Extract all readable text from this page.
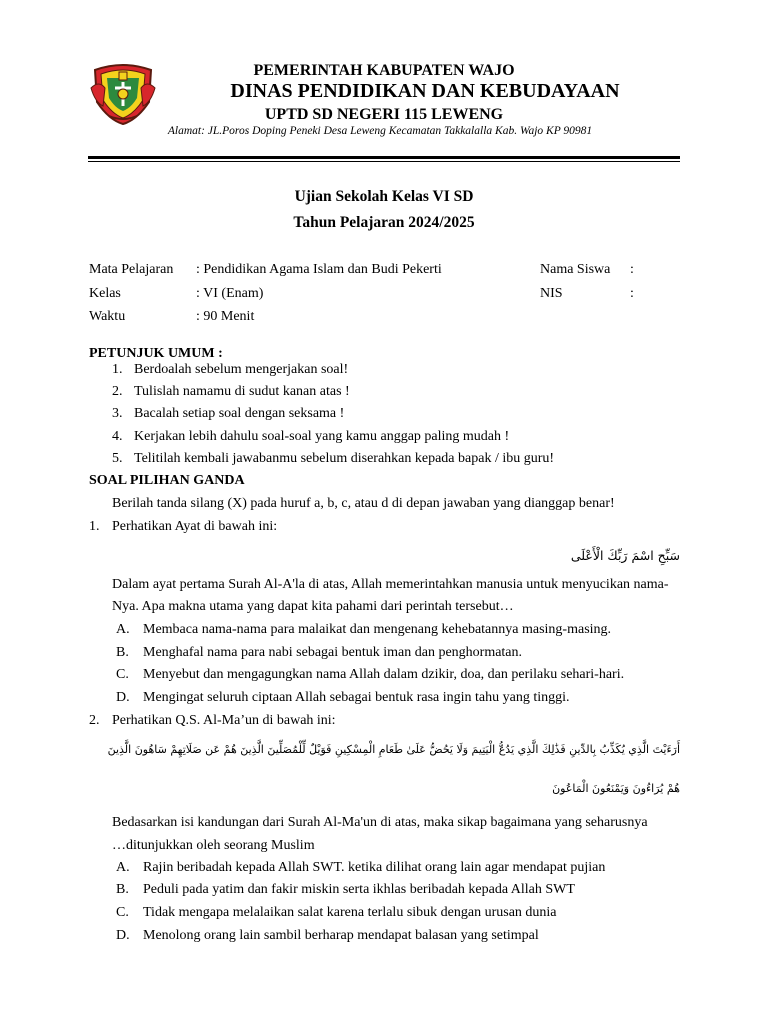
PEMERINTAH KABUPATEN WAJO
DINAS PENDIDIKAN DAN KEBUDAYAAN
UPTD SD NEGERI 115 LEWENG
Alamat: JL.Poros Doping Peneki Desa Leweng Kecamatan Takkalalla Kab. Wajo KP 90981
Ujian Sekolah Kelas VI SD
Tahun Pelajaran 2024/2025
Mata Pelajaran : Pendidikan Agama Islam dan Budi Pekerti	Nama Siswa :
Kelas	: VI (Enam)	NIS	:
Waktu	: 90 Menit
PETUNJUK UMUM :
1. Berdoalah sebelum mengerjakan soal!
2. Tulislah namamu di sudut kanan atas !
3. Bacalah setiap soal dengan seksama !
4. Kerjakan lebih dahulu soal-soal yang kamu anggap paling mudah !
5. Telitilah kembali jawabanmu sebelum diserahkan kepada bapak / ibu guru!
SOAL PILIHAN GANDA
Berilah tanda silang (X) pada huruf a, b, c, atau d di depan jawaban yang dianggap benar!
1. Perhatikan Ayat di bawah ini:
سَبِّحِ اسْمَ رَبِّكَ الْأَعْلَى
Dalam ayat pertama Surah Al-A'la di atas, Allah memerintahkan manusia untuk menyucikan nama-
Nya. Apa makna utama yang dapat kita pahami dari perintah tersebut…
A. Membaca nama-nama para malaikat dan mengenang kehebatannya masing-masing.
B. Menghafal nama para nabi sebagai bentuk iman dan penghormatan.
C. Menyebut dan mengagungkan nama Allah dalam dzikir, doa, dan perilaku sehari-hari.
D. Mengingat seluruh ciptaan Allah sebagai bentuk rasa ingin tahu yang tinggi.
2. Perhatikan Q.S. Al-Ma’un di bawah ini:
أَرَءَيْتَ الَّذِي يُكَذِّبُ بِالدِّينِ فَذَٰلِكَ الَّذِي يَدُعُّ الْيَتِيمَ وَلَا يَحُضُّ عَلَىٰ طَعَامِ الْمِسْكِينِ فَوَيْلٌ لِّلْمُصَلِّينَ الَّذِينَ هُمْ عَن صَلَاتِهِمْ سَاهُونَ الَّذِينَ
هُمْ يُرَاءُونَ وَيَمْنَعُونَ الْمَاعُونَ
Bedasarkan isi kandungan dari Surah Al-Ma'un di atas, maka sikap bagaimana yang seharusnya
…ditunjukkan oleh seorang Muslim
A. Rajin beribadah kepada Allah SWT. ketika dilihat orang lain agar mendapat pujian
B. Peduli pada yatim dan fakir miskin serta ikhlas beribadah kepada Allah SWT
C. Tidak mengapa melalaikan salat karena terlalu sibuk dengan urusan dunia
D. Menolong orang lain sambil berharap mendapat balasan yang setimpal
